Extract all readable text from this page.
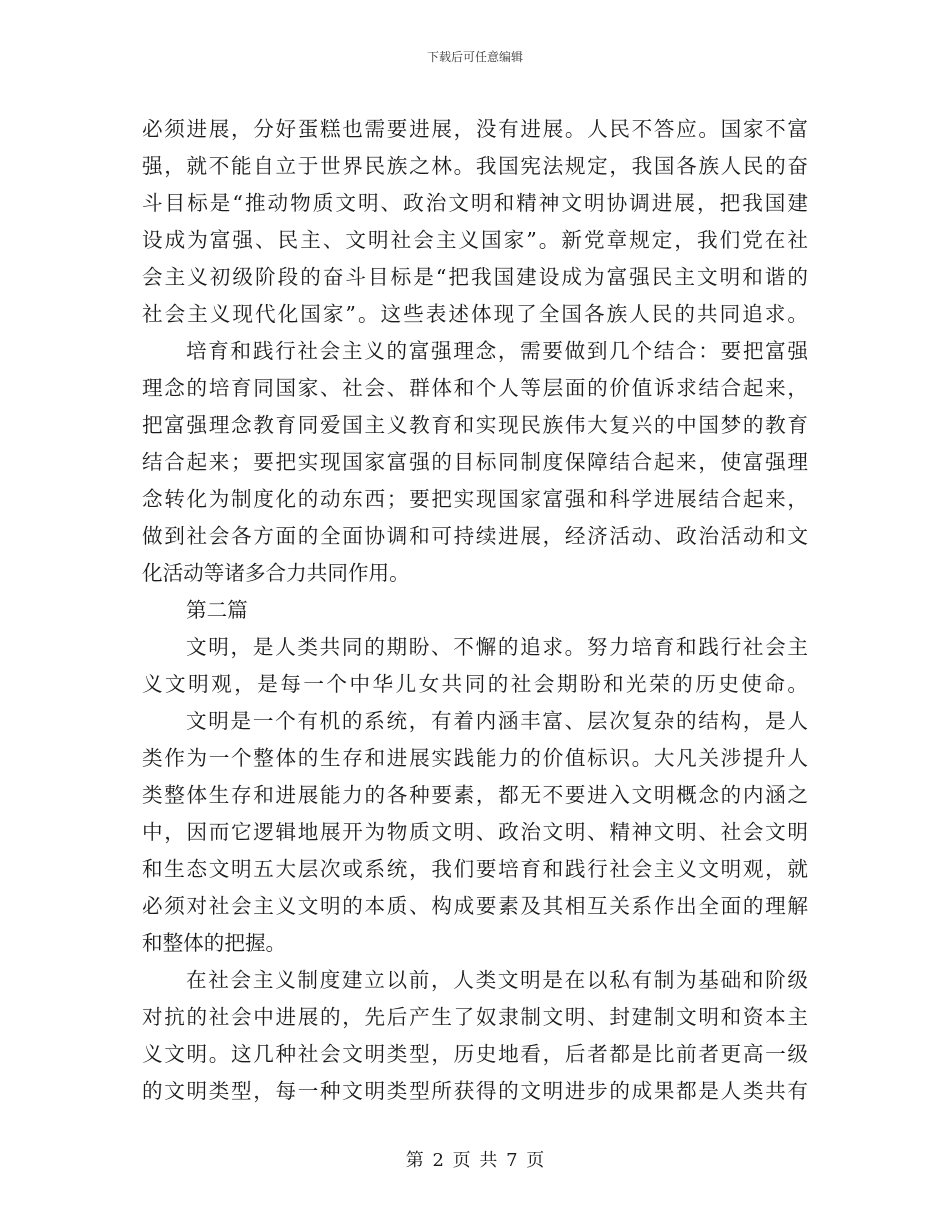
下载后可任意编辑
必须进展，分好蛋糕也需要进展，没有进展。人民不答应。国家不富
强，就不能自立于世界民族之林。我国宪法规定，我国各族人民的奋
斗目标是“推动物质文明、政治文明和精神文明协调进展，把我国建
设成为富强、民主、文明社会主义国家”。新党章规定，我们党在社
会主义初级阶段的奋斗目标是“把我国建设成为富强民主文明和谐的
社会主义现代化国家”。这些表述体现了全国各族人民的共同追求。
培育和践行社会主义的富强理念，需要做到几个结合：要把富强
理念的培育同国家、社会、群体和个人等层面的价值诉求结合起来，
把富强理念教育同爱国主义教育和实现民族伟大复兴的中国梦的教育
结合起来；要把实现国家富强的目标同制度保障结合起来，使富强理
念转化为制度化的动东西；要把实现国家富强和科学进展结合起来，
做到社会各方面的全面协调和可持续进展，经济活动、政治活动和文
化活动等诸多合力共同作用。
第二篇
文明，是人类共同的期盼、不懈的追求。努力培育和践行社会主
义文明观，是每一个中华儿女共同的社会期盼和光荣的历史使命。
文明是一个有机的系统，有着内涵丰富、层次复杂的结构，是人
类作为一个整体的生存和进展实践能力的价值标识。大凡关涉提升人
类整体生存和进展能力的各种要素，都无不要进入文明概念的内涵之
中，因而它逻辑地展开为物质文明、政治文明、精神文明、社会文明
和生态文明五大层次或系统，我们要培育和践行社会主义文明观，就
必须对社会主义文明的本质、构成要素及其相互关系作出全面的理解
和整体的把握。
在社会主义制度建立以前，人类文明是在以私有制为基础和阶级
对抗的社会中进展的，先后产生了奴隶制文明、封建制文明和资本主
义文明。这几种社会文明类型，历史地看，后者都是比前者更高一级
的文明类型，每一种文明类型所获得的文明进步的成果都是人类共有
第 2 页 共 7 页
